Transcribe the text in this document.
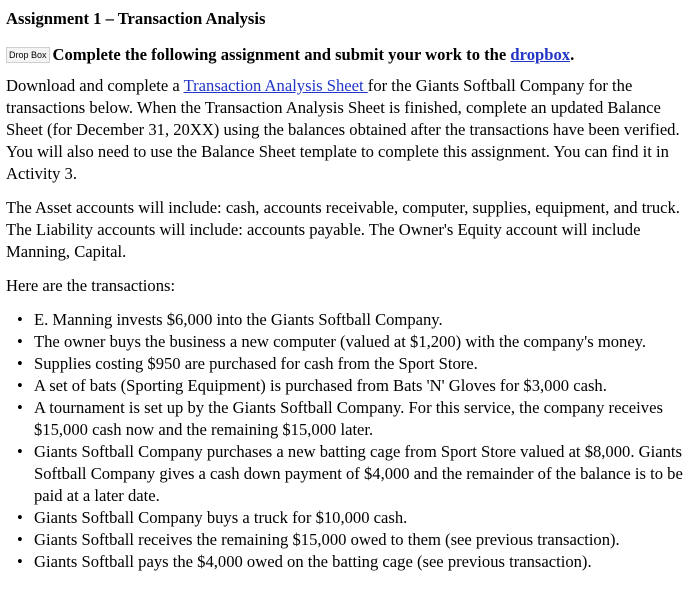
Assignment 1 – Transaction Analysis
Drop Box Complete the following assignment and submit your work to the dropbox.

Download and complete a Transaction Analysis Sheet for the Giants Softball Company for the transactions below. When the Transaction Analysis Sheet is finished, complete an updated Balance Sheet (for December 31, 20XX) using the balances obtained after the transactions have been verified. You will also need to use the Balance Sheet template to complete this assignment. You can find it in Activity 3.

The Asset accounts will include: cash, accounts receivable, computer, supplies, equipment, and truck. The Liability accounts will include: accounts payable. The Owner's Equity account will include Manning, Capital.

Here are the transactions:

• E. Manning invests $6,000 into the Giants Softball Company.
• The owner buys the business a new computer (valued at $1,200) with the company's money.
• Supplies costing $950 are purchased for cash from the Sport Store.
• A set of bats (Sporting Equipment) is purchased from Bats 'N' Gloves for $3,000 cash.
• A tournament is set up by the Giants Softball Company. For this service, the company receives $15,000 cash now and the remaining $15,000 later.
• Giants Softball Company purchases a new batting cage from Sport Store valued at $8,000. Giants Softball Company gives a cash down payment of $4,000 and the remainder of the balance is to be paid at a later date.
• Giants Softball Company buys a truck for $10,000 cash.
• Giants Softball receives the remaining $15,000 owed to them (see previous transaction).
• Giants Softball pays the $4,000 owed on the batting cage (see previous transaction).
